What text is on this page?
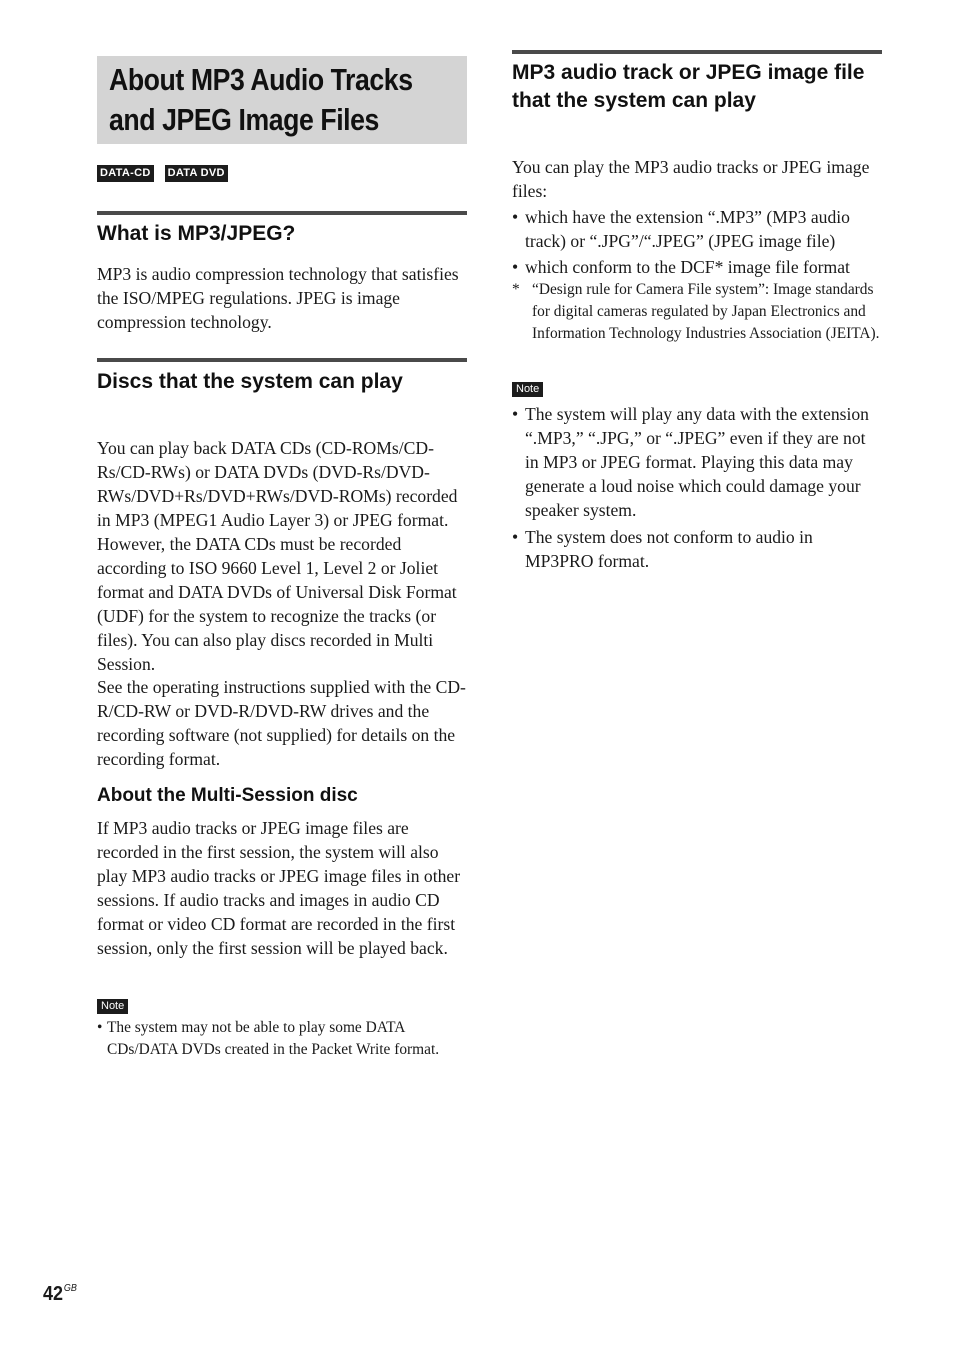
About MP3 Audio Tracks
and JPEG Image Files
DATA-CD DATA DVD
What is MP3/JPEG?

MP3 is audio compression technology that satisfies the ISO/MPEG regulations. JPEG is image compression technology.

Discs that the system can play

You can play back DATA CDs (CD-ROMs/CD-Rs/CD-RWs) or DATA DVDs (DVD-Rs/DVD-RWs/DVD+Rs/DVD+RWs/DVD-ROMs) recorded in MP3 (MPEG1 Audio Layer 3) or JPEG format. However, the DATA CDs must be recorded according to ISO 9660 Level 1, Level 2 or Joliet format and DATA DVDs of Universal Disk Format (UDF) for the system to recognize the tracks (or files). You can also play discs recorded in Multi Session.

See the operating instructions supplied with the CD-R/CD-RW or DVD-R/DVD-RW drives and the recording software (not supplied) for details on the recording format.

About the Multi-Session disc

If MP3 audio tracks or JPEG image files are recorded in the first session, the system will also play MP3 audio tracks or JPEG image files in other sessions. If audio tracks and images in audio CD format or video CD format are recorded in the first session, only the first session will be played back.

Note
• The system may not be able to play some DATA CDs/DATA DVDs created in the Packet Write format.
MP3 audio track or JPEG image file that the system can play

You can play the MP3 audio tracks or JPEG image files:

• which have the extension “.MP3” (MP3 audio track) or “.JPG”/“.JPEG” (JPEG image file)
• which conform to the DCF* image file format
* “Design rule for Camera File system”: Image standards for digital cameras regulated by Japan Electronics and Information Technology Industries Association (JEITA).
Note
• The system will play any data with the extension “.MP3,” “.JPG,” or “.JPEG” even if they are not in MP3 or JPEG format. Playing this data may generate a loud noise which could damage your speaker system.
• The system does not conform to audio in MP3PRO format.
$42^{GB}$
